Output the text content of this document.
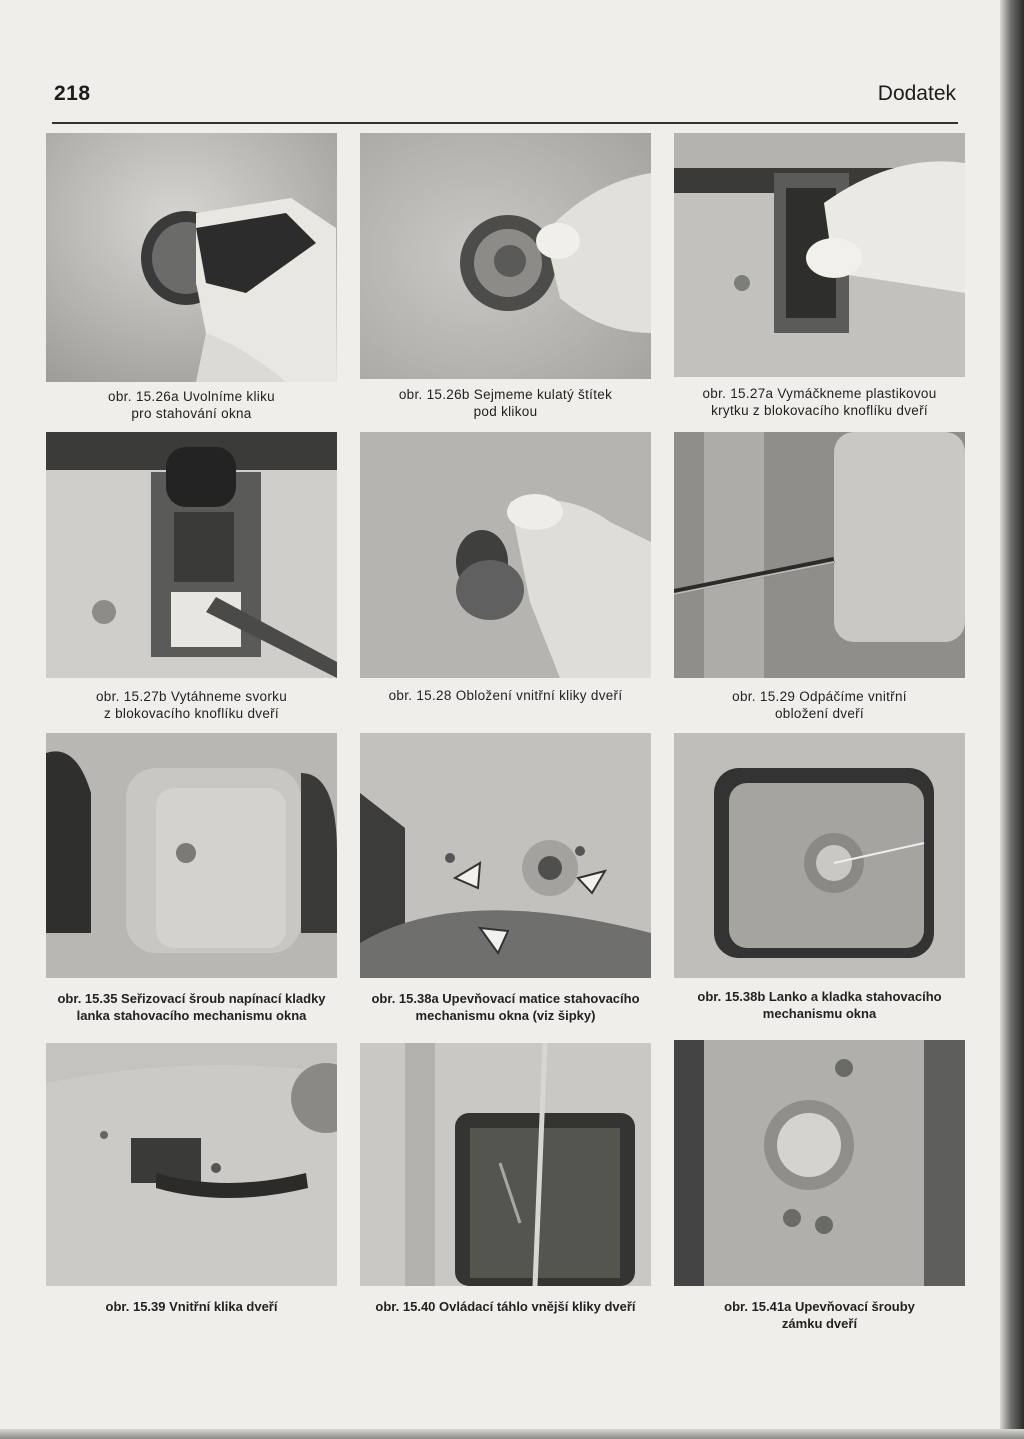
218	Dodatek
obr. 15.26a Uvolníme kliku
pro stahování okna
obr. 15.26b Sejmeme kulatý štítek
pod klikou
obr. 15.27a Vymáčkneme plastikovou
krytku z blokovacího knoflíku dveří
obr. 15.27b Vytáhneme svorku
z blokovacího knoflíku dveří
obr. 15.28 Obložení vnitřní kliky dveří	obr. 15.29 Odpáčíme vnitřní
obložení dveří
obr. 15.35 Seřizovací šroub napínací kladky
lanka stahovacího mechanismu okna
obr. 15.38a Upevňovací matice stahovacího
mechanismu okna (viz šipky)
obr. 15.38b Lanko a kladka stahovacího
mechanismu okna
obr. 15.39 Vnitřní klika dveří	obr. 15.40 Ovládací táhlo vnější kliky dveří	obr. 15.41a Upevňovací šrouby
zámku dveří
